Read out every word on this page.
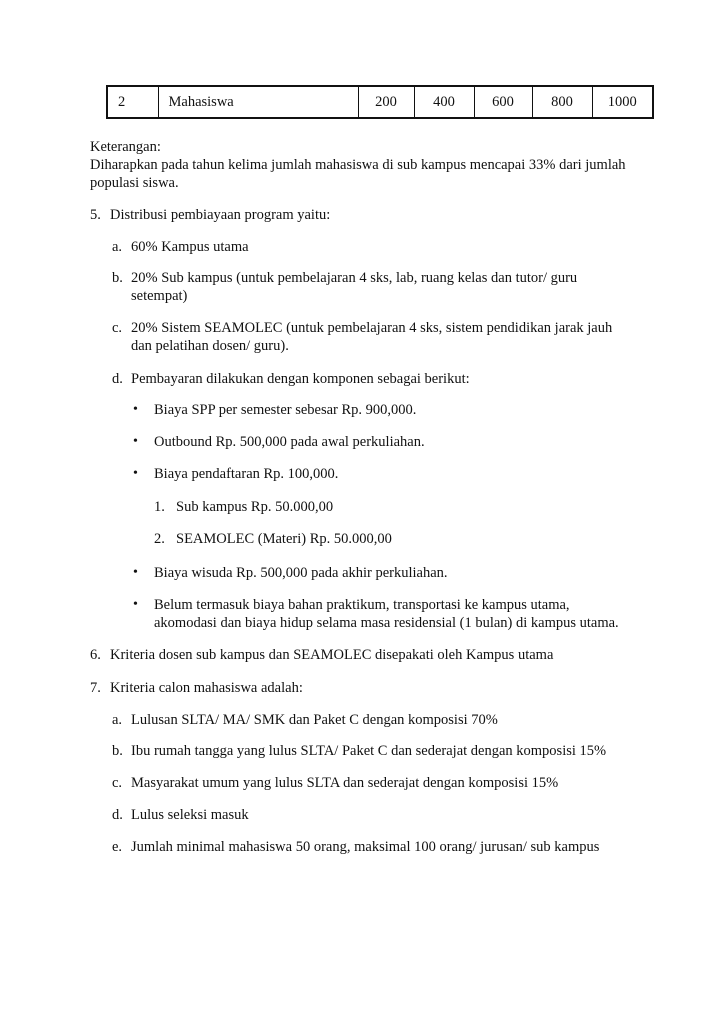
2	Mahasiswa	200	400	600	800	1000
Keterangan:
Diharapkan pada tahun kelima jumlah mahasiswa di sub kampus mencapai 33% dari jumlah
populasi siswa.
5. Distribusi pembiayaan program yaitu:
a. 60% Kampus utama
b. 20% Sub kampus (untuk pembelajaran 4 sks, lab, ruang kelas dan tutor/ guru
setempat)
c. 20% Sistem SEAMOLEC (untuk pembelajaran 4 sks, sistem pendidikan jarak jauh
dan pelatihan dosen/ guru).
d. Pembayaran dilakukan dengan komponen sebagai berikut:
• Biaya SPP per semester sebesar Rp. 900,000.
• Outbound Rp. 500,000 pada awal perkuliahan.
• Biaya pendaftaran Rp. 100,000.
1. Sub kampus Rp. 50.000,00
2. SEAMOLEC (Materi) Rp. 50.000,00
• Biaya wisuda Rp. 500,000 pada akhir perkuliahan.
• Belum termasuk biaya bahan praktikum, transportasi ke kampus utama,
akomodasi dan biaya hidup selama masa residensial (1 bulan) di kampus utama.
6. Kriteria dosen sub kampus dan SEAMOLEC disepakati oleh Kampus utama
7. Kriteria calon mahasiswa adalah:
a. Lulusan SLTA/ MA/ SMK dan Paket C dengan komposisi 70%
b. Ibu rumah tangga yang lulus SLTA/ Paket C dan sederajat dengan komposisi 15%
c. Masyarakat umum yang lulus SLTA dan sederajat dengan komposisi 15%
d. Lulus seleksi masuk
e. Jumlah minimal mahasiswa 50 orang, maksimal 100 orang/ jurusan/ sub kampus
